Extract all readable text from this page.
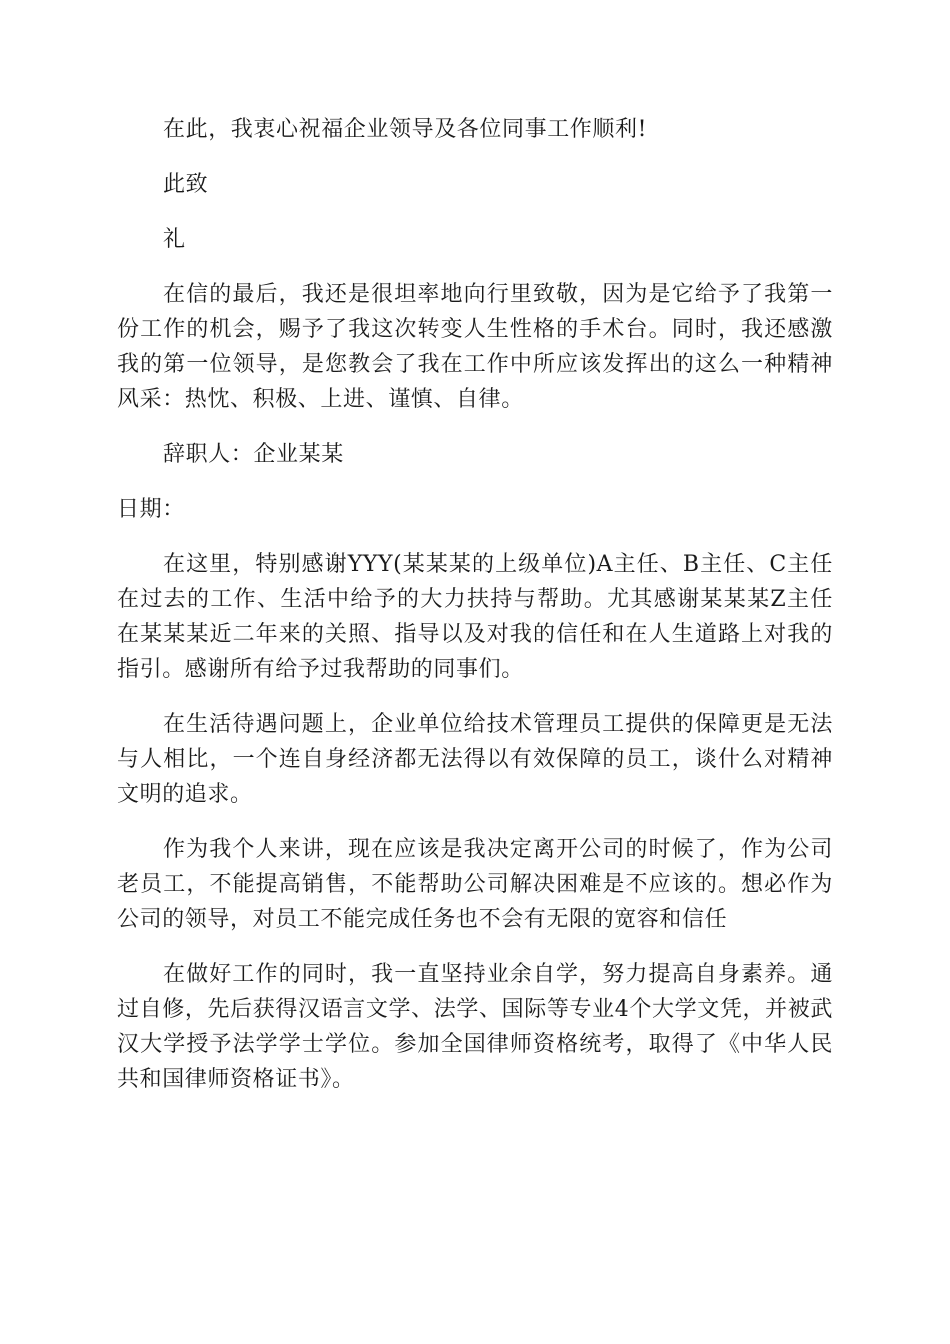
在此，我衷心祝福企业领导及各位同事工作顺利!

此致

礼

在信的最后，我还是很坦率地向行里致敬，因为是它给予了我第一份工作的机会，赐予了我这次转变人生性格的手术台。同时，我还感激我的第一位领导，是您教会了我在工作中所应该发挥出的这么一种精神风采：热忱、积极、上进、谨慎、自律。

辞职人：企业某某

日期：

在这里，特别感谢YYY(某某某的上级单位)A主任、B主任、C主任在过去的工作、生活中给予的大力扶持与帮助。尤其感谢某某某Z主任在某某某近二年来的关照、指导以及对我的信任和在人生道路上对我的指引。感谢所有给予过我帮助的同事们。

在生活待遇问题上，企业单位给技术管理员工提供的保障更是无法与人相比，一个连自身经济都无法得以有效保障的员工，谈什么对精神文明的追求。

作为我个人来讲，现在应该是我决定离开公司的时候了，作为公司老员工，不能提高销售，不能帮助公司解决困难是不应该的。想必作为公司的领导，对员工不能完成任务也不会有无限的宽容和信任

在做好工作的同时，我一直坚持业余自学，努力提高自身素养。通过自修，先后获得汉语言文学、法学、国际等专业4个大学文凭，并被武汉大学授予法学学士学位。参加全国律师资格统考，取得了《中华人民共和国律师资格证书》。
